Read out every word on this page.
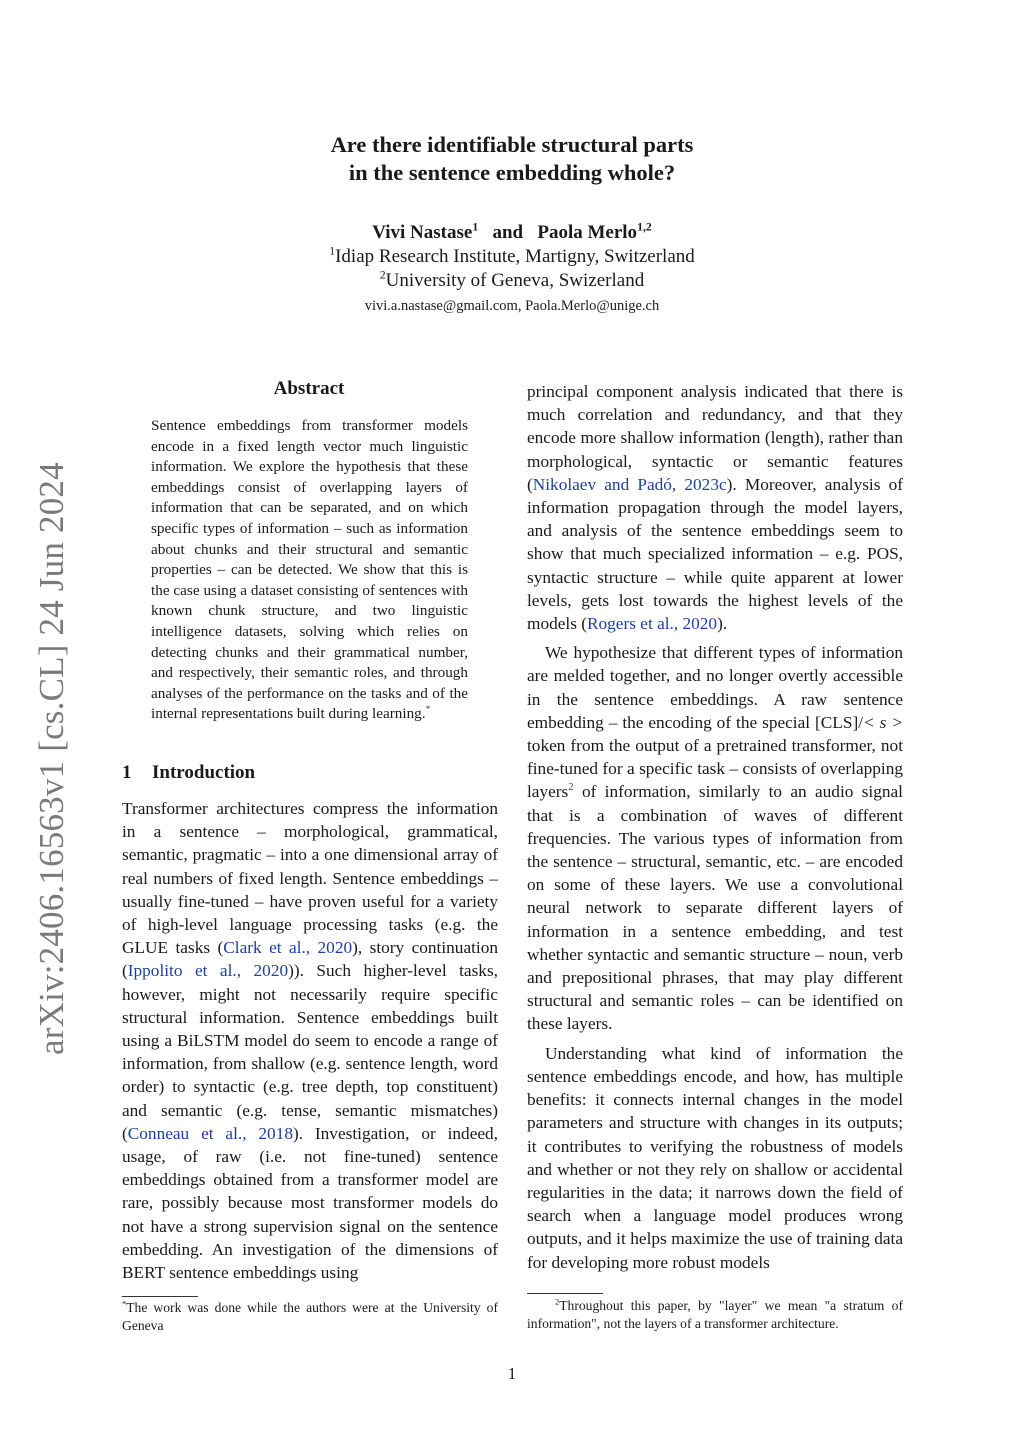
arXiv:2406.16563v1 [cs.CL] 24 Jun 2024
Are there identifiable structural parts
in the sentence embedding whole?
Vivi Nastase$^1$ and Paola Merlo$^{1,2}$
$^1$Idiap Research Institute, Martigny, Switzerland
$^2$University of Geneva, Swizerland
vivi.a.nastase@gmail.com, Paola.Merlo@unige.ch
Abstract
Sentence embeddings from transformer models encode in a fixed length vector much linguistic information. We explore the hypothesis that these embeddings consist of overlapping layers of information that can be separated, and on which specific types of information – such as information about chunks and their structural and semantic properties – can be detected. We show that this is the case using a dataset consisting of sentences with known chunk structure, and two linguistic intelligence datasets, solving which relies on detecting chunks and their grammatical number, and respectively, their semantic roles, and through analyses of the performance on the tasks and of the internal representations built during learning.*
1 Introduction

Transformer architectures compress the information in a sentence – morphological, grammatical, semantic, pragmatic – into a one dimensional array of real numbers of fixed length. Sentence embeddings – usually fine-tuned – have proven useful for a variety of high-level language processing tasks (e.g. the GLUE tasks (Clark et al., 2020), story continuation (Ippolito et al., 2020)). Such higher-level tasks, however, might not necessarily require specific structural information. Sentence embeddings built using a BiLSTM model do seem to encode a range of information, from shallow (e.g. sentence length, word order) to syntactic (e.g. tree depth, top constituent) and semantic (e.g. tense, semantic mismatches) (Conneau et al., 2018). Investigation, or indeed, usage, of raw (i.e. not fine-tuned) sentence embeddings obtained from a transformer model are rare, possibly because most transformer models do not have a strong supervision signal on the sentence embedding. An investigation of the dimensions of BERT sentence embeddings using

*The work was done while the authors were at the University of Geneva

principal component analysis indicated that there is much correlation and redundancy, and that they encode more shallow information (length), rather than morphological, syntactic or semantic features (Nikolaev and Padó, 2023c). Moreover, analysis of information propagation through the model layers, and analysis of the sentence embeddings seem to show that much specialized information – e.g. POS, syntactic structure – while quite apparent at lower levels, gets lost towards the highest levels of the models (Rogers et al., 2020).

We hypothesize that different types of information are melded together, and no longer overtly accessible in the sentence embeddings. A raw sentence embedding – the encoding of the special [CLS]/< s > token from the output of a pretrained transformer, not fine-tuned for a specific task – consists of overlapping layers$^2$ of information, similarly to an audio signal that is a combination of waves of different frequencies. The various types of information from the sentence – structural, semantic, etc. – are encoded on some of these layers. We use a convolutional neural network to separate different layers of information in a sentence embedding, and test whether syntactic and semantic structure – noun, verb and prepositional phrases, that may play different structural and semantic roles – can be identified on these layers.

Understanding what kind of information the sentence embeddings encode, and how, has multiple benefits: it connects internal changes in the model parameters and structure with changes in its outputs; it contributes to verifying the robustness of models and whether or not they rely on shallow or accidental regularities in the data; it narrows down the field of search when a language model produces wrong outputs, and it helps maximize the use of training data for developing more robust models

$^2$Throughout this paper, by "layer" we mean "a stratum of information", not the layers of a transformer architecture.
1
